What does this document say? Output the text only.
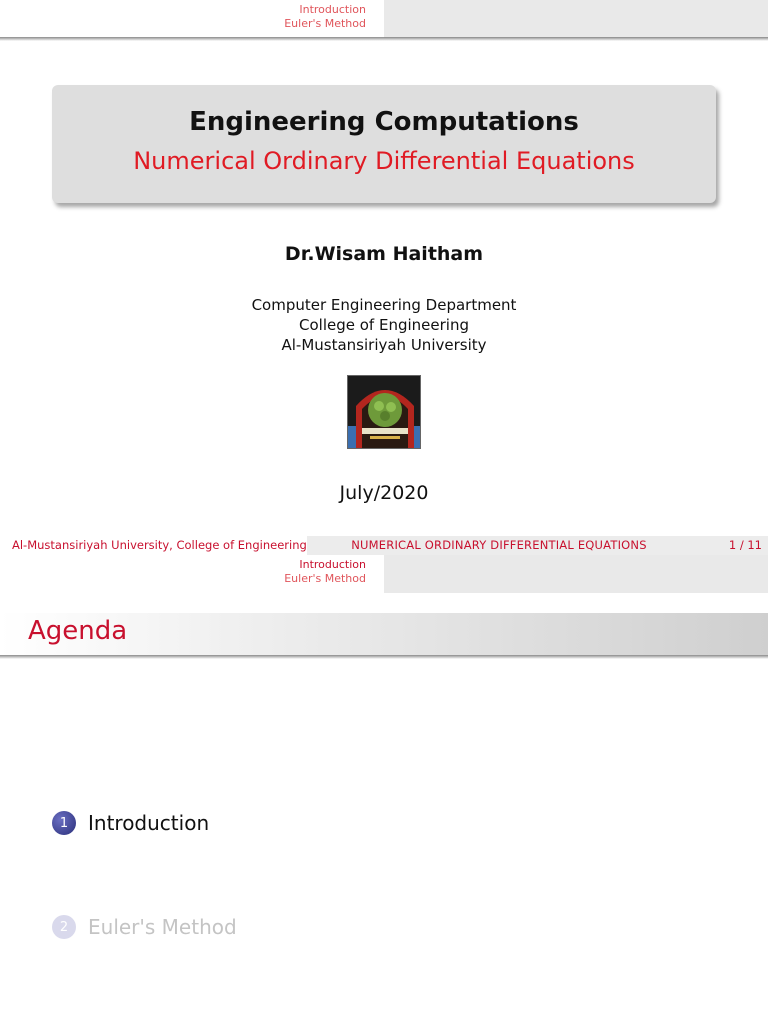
Introduction
Euler's Method
Engineering Computations
Numerical Ordinary Differential Equations
Dr.Wisam Haitham
Computer Engineering Department
College of Engineering
Al-Mustansiriyah University
July/2020
Al-Mustansiriyah University, College of Engineering	NUMERICAL ORDINARY DIFFERENTIAL EQUATIONS	1 / 11
Introduction
Euler's Method
Agenda
1 Introduction
2 Euler's Method
